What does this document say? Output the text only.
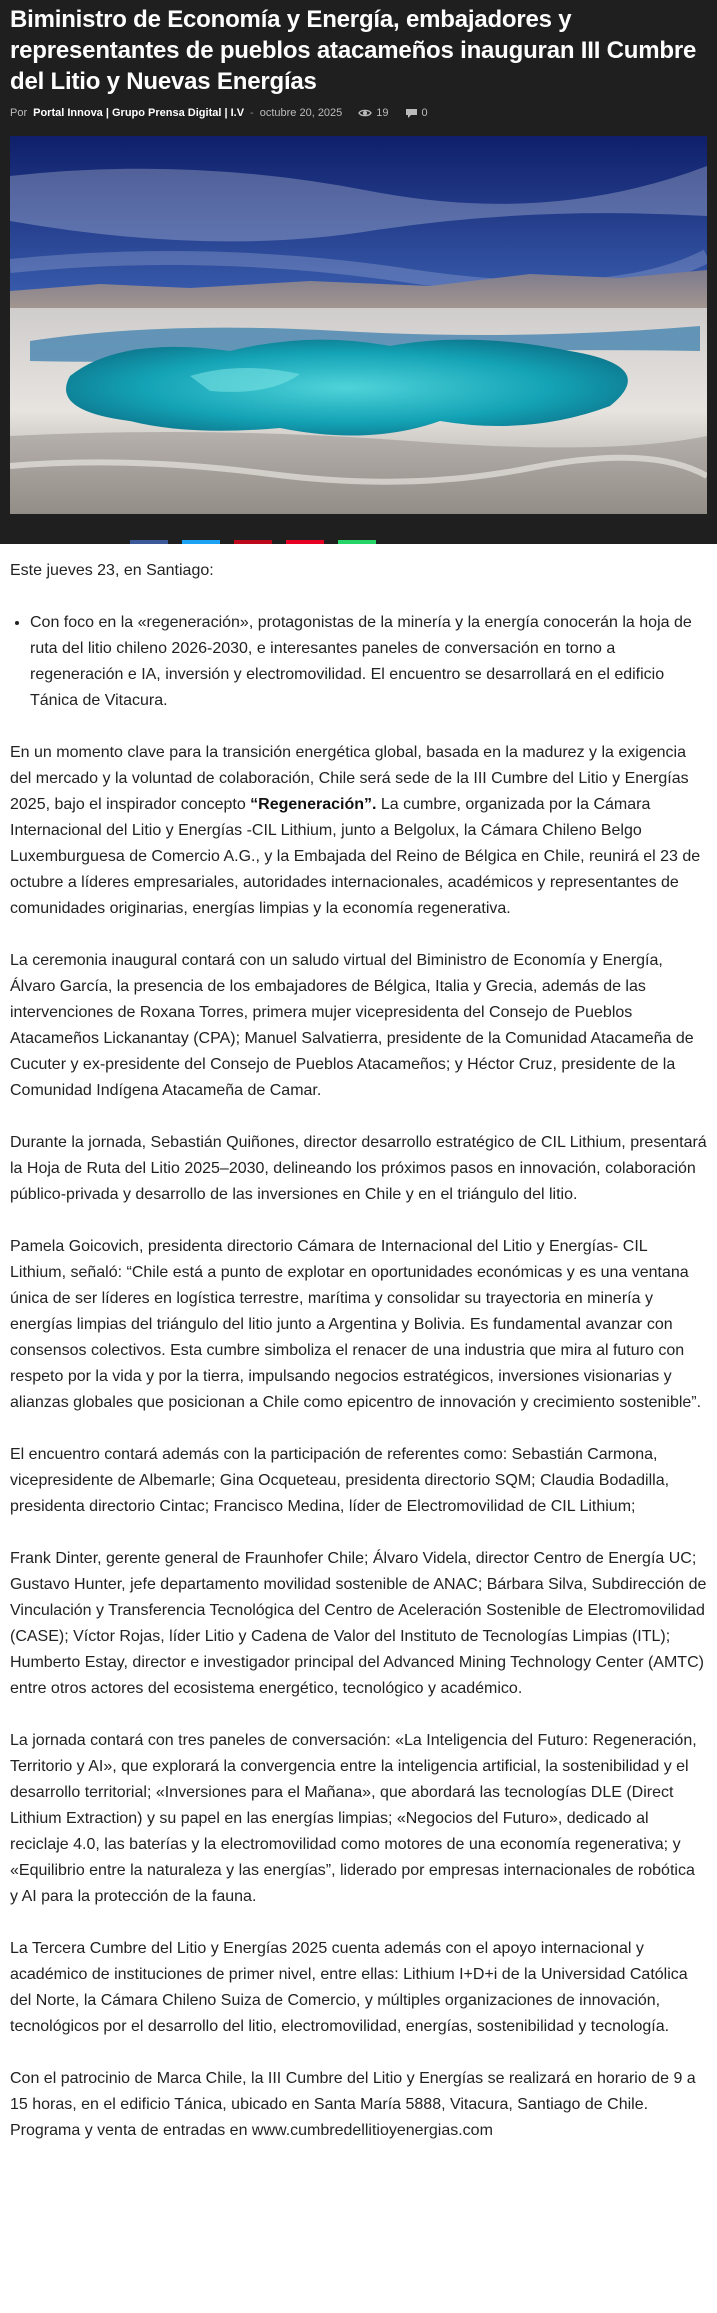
Biministro de Economía y Energía, embajadores y representantes de pueblos atacameños inauguran III Cumbre del Litio y Nuevas Energías
Por Portal Innova | Grupo Prensa Digital | I.V - octubre 20, 2025	19	0

Este jueves 23, en Santiago:

• Con foco en la «regeneración», protagonistas de la minería y la energía conocerán la hoja de ruta del litio chileno 2026-2030, e interesantes paneles de conversación en torno a regeneración e IA, inversión y electromovilidad. El encuentro se desarrollará en el edificio Tánica de Vitacura.

En un momento clave para la transición energética global, basada en la madurez y la exigencia del mercado y la voluntad de colaboración, Chile será sede de la III Cumbre del Litio y Energías 2025, bajo el inspirador concepto “Regeneración”. La cumbre, organizada por la Cámara Internacional del Litio y Energías -CIL Lithium, junto a Belgolux, la Cámara Chileno Belgo Luxemburguesa de Comercio A.G., y la Embajada del Reino de Bélgica en Chile, reunirá el 23 de octubre a líderes empresariales, autoridades internacionales, académicos y representantes de comunidades originarias, energías limpias y la economía regenerativa.

La ceremonia inaugural contará con un saludo virtual del Biministro de Economía y Energía, Álvaro García, la presencia de los embajadores de Bélgica, Italia y Grecia, además de las intervenciones de Roxana Torres, primera mujer vicepresidenta del Consejo de Pueblos Atacameños Lickanantay (CPA); Manuel Salvatierra, presidente de la Comunidad Atacameña de Cucuter y ex-presidente del Consejo de Pueblos Atacameños; y Héctor Cruz, presidente de la Comunidad Indígena Atacameña de Camar.

Durante la jornada, Sebastián Quiñones, director desarrollo estratégico de CIL Lithium, presentará la Hoja de Ruta del Litio 2025–2030, delineando los próximos pasos en innovación, colaboración público-privada y desarrollo de las inversiones en Chile y en el triángulo del litio.

Pamela Goicovich, presidenta directorio Cámara de Internacional del Litio y Energías- CIL Lithium, señaló: “Chile está a punto de explotar en oportunidades económicas y es una ventana única de ser líderes en logística terrestre, marítima y consolidar su trayectoria en minería y energías limpias del triángulo del litio junto a Argentina y Bolivia. Es fundamental avanzar con consensos colectivos. Esta cumbre simboliza el renacer de una industria que mira al futuro con respeto por la vida y por la tierra, impulsando negocios estratégicos, inversiones visionarias y alianzas globales que posicionan a Chile como epicentro de innovación y crecimiento sostenible”.

El encuentro contará además con la participación de referentes como: Sebastián Carmona, vicepresidente de Albemarle; Gina Ocqueteau, presidenta directorio SQM; Claudia Bodadilla, presidenta directorio Cintac; Francisco Medina, líder de Electromovilidad de CIL Lithium;

Frank Dinter, gerente general de Fraunhofer Chile; Álvaro Videla, director Centro de Energía UC; Gustavo Hunter, jefe departamento movilidad sostenible de ANAC; Bárbara Silva, Subdirección de Vinculación y Transferencia Tecnológica del Centro de Aceleración Sostenible de Electromovilidad (CASE); Víctor Rojas, líder Litio y Cadena de Valor del Instituto de Tecnologías Limpias (ITL); Humberto Estay, director e investigador principal del Advanced Mining Technology Center (AMTC) entre otros actores del ecosistema energético, tecnológico y académico.

La jornada contará con tres paneles de conversación: «La Inteligencia del Futuro: Regeneración, Territorio y AI», que explorará la convergencia entre la inteligencia artificial, la sostenibilidad y el desarrollo territorial; «Inversiones para el Mañana», que abordará las tecnologías DLE (Direct Lithium Extraction) y su papel en las energías limpias; «Negocios del Futuro», dedicado al reciclaje 4.0, las baterías y la electromovilidad como motores de una economía regenerativa; y «Equilibrio entre la naturaleza y las energías”, liderado por empresas internacionales de robótica y AI para la protección de la fauna.

La Tercera Cumbre del Litio y Energías 2025 cuenta además con el apoyo internacional y académico de instituciones de primer nivel, entre ellas: Lithium I+D+i de la Universidad Católica del Norte, la Cámara Chileno Suiza de Comercio, y múltiples organizaciones de innovación, tecnológicos por el desarrollo del litio, electromovilidad, energías, sostenibilidad y tecnología.

Con el patrocinio de Marca Chile, la III Cumbre del Litio y Energías se realizará en horario de 9 a 15 horas, en el edificio Tánica, ubicado en Santa María 5888, Vitacura, Santiago de Chile. Programa y venta de entradas en www.cumbredellitioyenergias.com
